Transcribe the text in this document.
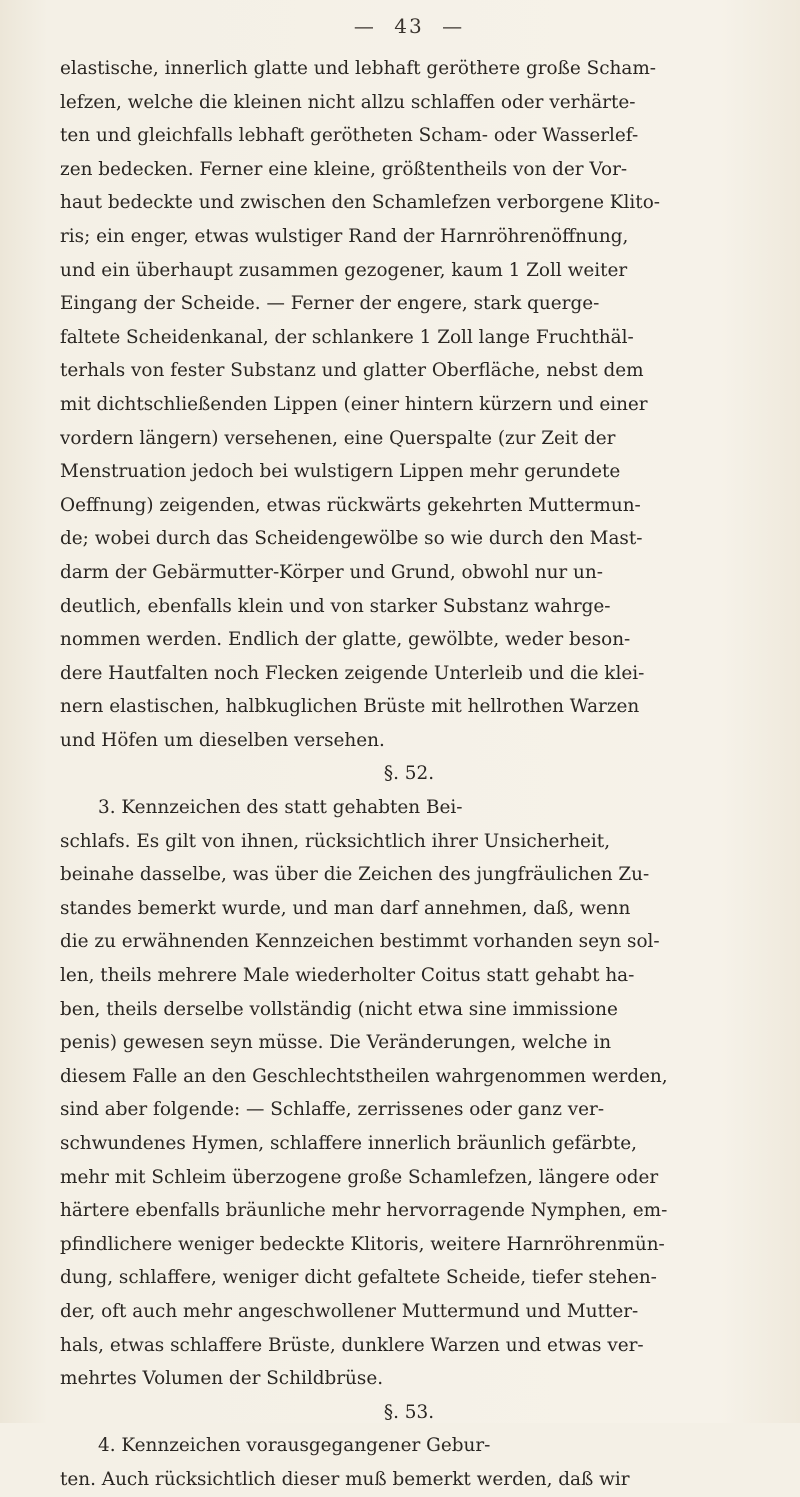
— 43 —
elastische, innerlich glatte und lebhaft gerötheте große Scham-
lefzen, welche die kleinen nicht allzu schlaffen oder verhärte-
ten und gleichfalls lebhaft gerötheten Scham- oder Wasserlef-
zen bedecken. Ferner eine kleine, größtentheils von der Vor-
haut bedeckte und zwischen den Schamlefzen verborgene Klito-
ris; ein enger, etwas wulstiger Rand der Harnröhrenöffnung,
und ein überhaupt zusammen gezogener, kaum 1 Zoll weiter
Eingang der Scheide. — Ferner der engere, stark querge-
faltete Scheidenkanal, der schlankere 1 Zoll lange Fruchthäl-
terhals von fester Substanz und glatter Oberfläche, nebst dem
mit dichtschließenden Lippen (einer hintern kürzern und einer
vordern längern) versehenen, eine Querspalte (zur Zeit der
Menstruation jedoch bei wulstigern Lippen mehr gerundete
Oeffnung) zeigenden, etwas rückwärts gekehrten Muttermun-
de; wobei durch das Scheidengewölbe so wie durch den Mast-
darm der Gebärmutter-Körper und Grund, obwohl nur un-
deutlich, ebenfalls klein und von starker Substanz wahrge-
nommen werden. Endlich der glatte, gewölbte, weder beson-
dere Hautfalten noch Flecken zeigende Unterleib und die klei-
nern elastischen, halbkuglichen Brüste mit hellrothen Warzen
und Höfen um dieselben versehen.
§. 52.
3. Kennzeichen des statt gehabten Bei-
schlafs. Es gilt von ihnen, rücksichtlich ihrer Unsicherheit,
beinahe dasselbe, was über die Zeichen des jungfräulichen Zu-
standes bemerkt wurde, und man darf annehmen, daß, wenn
die zu erwähnenden Kennzeichen bestimmt vorhanden seyn sol-
len, theils mehrere Male wiederholter Coitus statt gehabt ha-
ben, theils derselbe vollständig (nicht etwa sine immissione
penis) gewesen seyn müsse. Die Veränderungen, welche in
diesem Falle an den Geschlechtstheilen wahrgenommen werden,
sind aber folgende: — Schlaffe, zerrissenes oder ganz ver-
schwundenes Hymen, schlaffere innerlich bräunlich gefärbte,
mehr mit Schleim überzogene große Schamlefzen, längere oder
härtere ebenfalls bräunliche mehr hervorragende Nymphen, em-
pfindlichere weniger bedeckte Klitoris, weitere Harnröhrenmün-
dung, schlaffere, weniger dicht gefaltete Scheide, tiefer stehen-
der, oft auch mehr angeschwollener Muttermund und Mutter-
hals, etwas schlaffere Brüste, dunklere Warzen und etwas ver-
mehrtes Volumen der Schildbrüse.
§. 53.
4. Kennzeichen vorausgegangener Gebur-
ten. Auch rücksichtlich dieser muß bemerkt werden, daß wir
